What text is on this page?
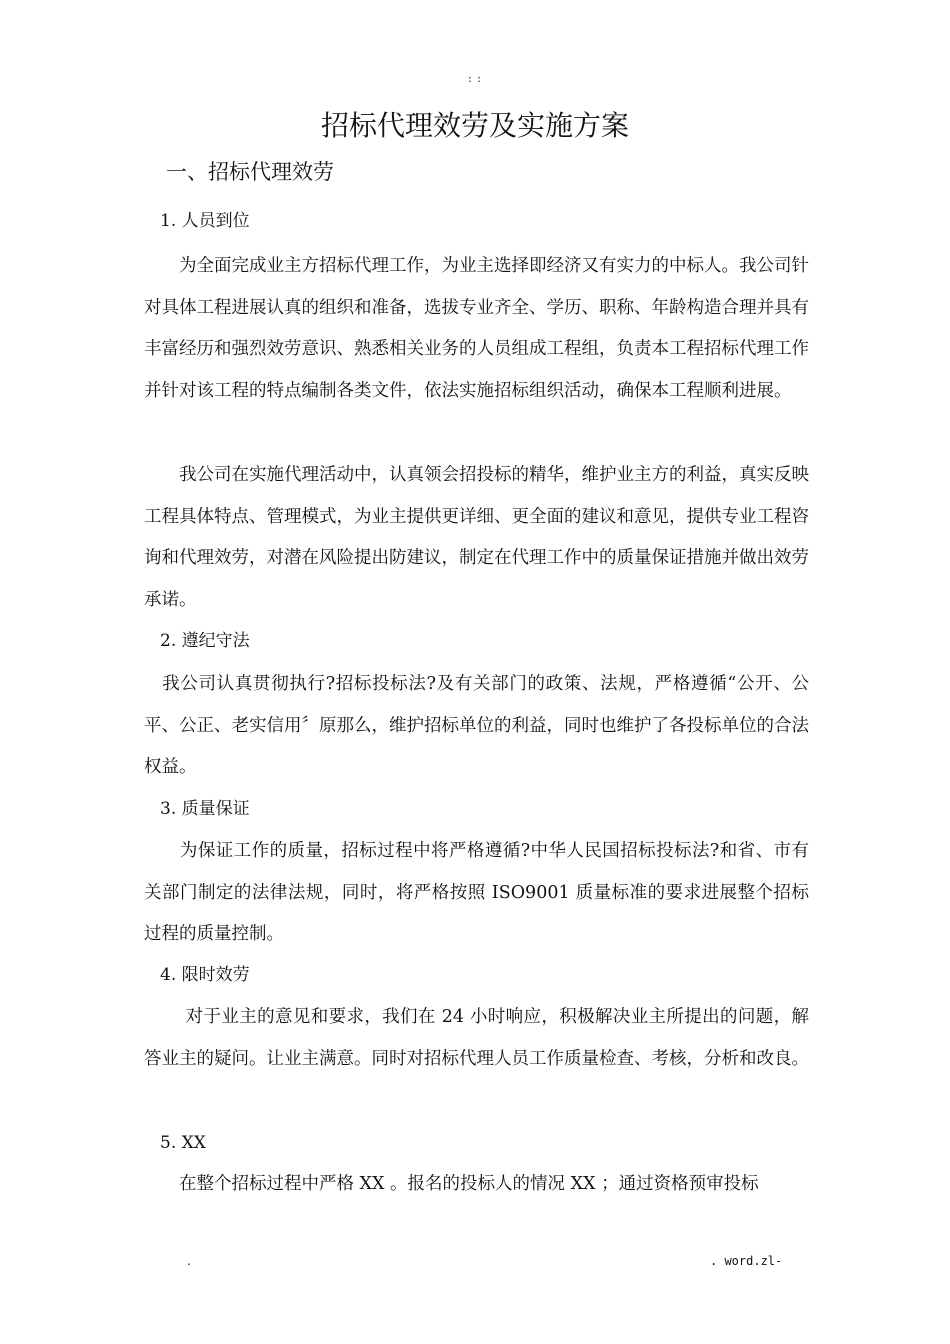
: :
招标代理效劳及实施方案
一、招标代理效劳
1. 人员到位
　　为全面完成业主方招标代理工作，为业主选择即经济又有实力的中标人。我公司针对具体工程进展认真的组织和准备，选拔专业齐全、学历、职称、年龄构造合理并具有丰富经历和强烈效劳意识、熟悉相关业务的人员组成工程组，负责本工程招标代理工作并针对该工程的特点编制各类文件，依法实施招标组织活动，确保本工程顺利进展。
　　我公司在实施代理活动中，认真领会招投标的精华，维护业主方的利益，真实反映工程具体特点、管理模式，为业主提供更详细、更全面的建议和意见，提供专业工程咨询和代理效劳，对潜在风险提出防建议，制定在代理工作中的质量保证措施并做出效劳承诺。
2. 遵纪守法
　我公司认真贯彻执行?招标投标法?及有关部门的政策、法规，严格遵循“公开、公平、公正、老实信用〞原那么，维护招标单位的利益，同时也维护了各投标单位的合法权益。
3. 质量保证
　　为保证工作的质量，招标过程中将严格遵循?中华人民国招标投标法?和省、市有关部门制定的法律法规，同时，将严格按照 ISO9001 质量标准的要求进展整个招标过程的质量控制。
4. 限时效劳
　　 对于业主的意见和要求，我们在 24 小时响应，积极解决业主所提出的问题，解答业主的疑问。让业主满意。同时对招标代理人员工作质量检查、考核，分析和改良。
5. XX
　　在整个招标过程中严格 XX 。报名的投标人的情况 XX ；通过资格预审投标
.	. word.zl-
